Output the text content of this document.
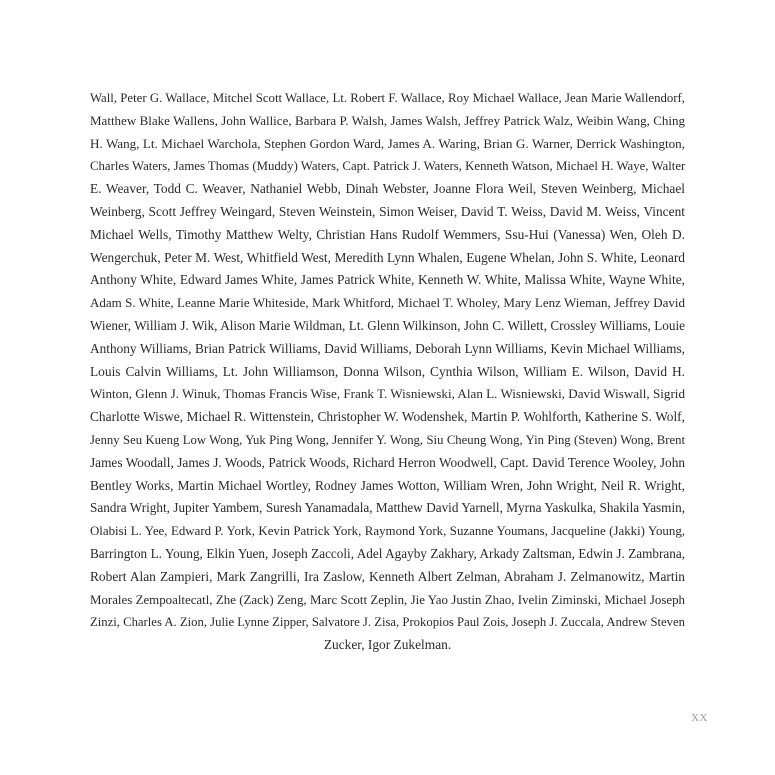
Wall, Peter G. Wallace, Mitchel Scott Wallace, Lt. Robert F. Wallace, Roy Michael Wallace, Jean Marie Wallendorf,
Matthew Blake Wallens, John Wallice, Barbara P. Walsh, James Walsh, Jeffrey Patrick Walz, Weibin Wang, Ching
H. Wang, Lt. Michael Warchola, Stephen Gordon Ward, James A. Waring, Brian G. Warner, Derrick Washington,
Charles Waters, James Thomas (Muddy) Waters, Capt. Patrick J. Waters, Kenneth Watson, Michael H. Waye, Walter
E. Weaver, Todd C. Weaver, Nathaniel Webb, Dinah Webster, Joanne Flora Weil, Steven Weinberg, Michael
Weinberg, Scott Jeffrey Weingard, Steven Weinstein, Simon Weiser, David T. Weiss, David M. Weiss, Vincent
Michael Wells, Timothy Matthew Welty, Christian Hans Rudolf Wemmers, Ssu-Hui (Vanessa) Wen, Oleh D.
Wengerchuk, Peter M. West, Whitfield West, Meredith Lynn Whalen, Eugene Whelan, John S. White, Leonard
Anthony White, Edward James White, James Patrick White, Kenneth W. White, Malissa White, Wayne White,
Adam S. White, Leanne Marie Whiteside, Mark Whitford, Michael T. Wholey, Mary Lenz Wieman, Jeffrey David
Wiener, William J. Wik, Alison Marie Wildman, Lt. Glenn Wilkinson, John C. Willett, Crossley Williams, Louie
Anthony Williams, Brian Patrick Williams, David Williams, Deborah Lynn Williams, Kevin Michael Williams,
Louis Calvin Williams, Lt. John Williamson, Donna Wilson, Cynthia Wilson, William E. Wilson, David H.
Winton, Glenn J. Winuk, Thomas Francis Wise, Frank T. Wisniewski, Alan L. Wisniewski, David Wiswall, Sigrid
Charlotte Wiswe, Michael R. Wittenstein, Christopher W. Wodenshek, Martin P. Wohlforth, Katherine S. Wolf,
Jenny Seu Kueng Low Wong, Yuk Ping Wong, Jennifer Y. Wong, Siu Cheung Wong, Yin Ping (Steven) Wong, Brent
James Woodall, James J. Woods, Patrick Woods, Richard Herron Woodwell, Capt. David Terence Wooley, John
Bentley Works, Martin Michael Wortley, Rodney James Wotton, William Wren, John Wright, Neil R. Wright,
Sandra Wright, Jupiter Yambem, Suresh Yanamadala, Matthew David Yarnell, Myrna Yaskulka, Shakila Yasmin,
Olabisi L. Yee, Edward P. York, Kevin Patrick York, Raymond York, Suzanne Youmans, Jacqueline (Jakki) Young,
Barrington L. Young, Elkin Yuen, Joseph Zaccoli, Adel Agayby Zakhary, Arkady Zaltsman, Edwin J. Zambrana,
Robert Alan Zampieri, Mark Zangrilli, Ira Zaslow, Kenneth Albert Zelman, Abraham J. Zelmanowitz, Martin
Morales Zempoaltecatl, Zhe (Zack) Zeng, Marc Scott Zeplin, Jie Yao Justin Zhao, Ivelin Ziminski, Michael Joseph
Zinzi, Charles A. Zion, Julie Lynne Zipper, Salvatore J. Zisa, Prokopios Paul Zois, Joseph J. Zuccala, Andrew Steven
Zucker, Igor Zukelman.
XX
